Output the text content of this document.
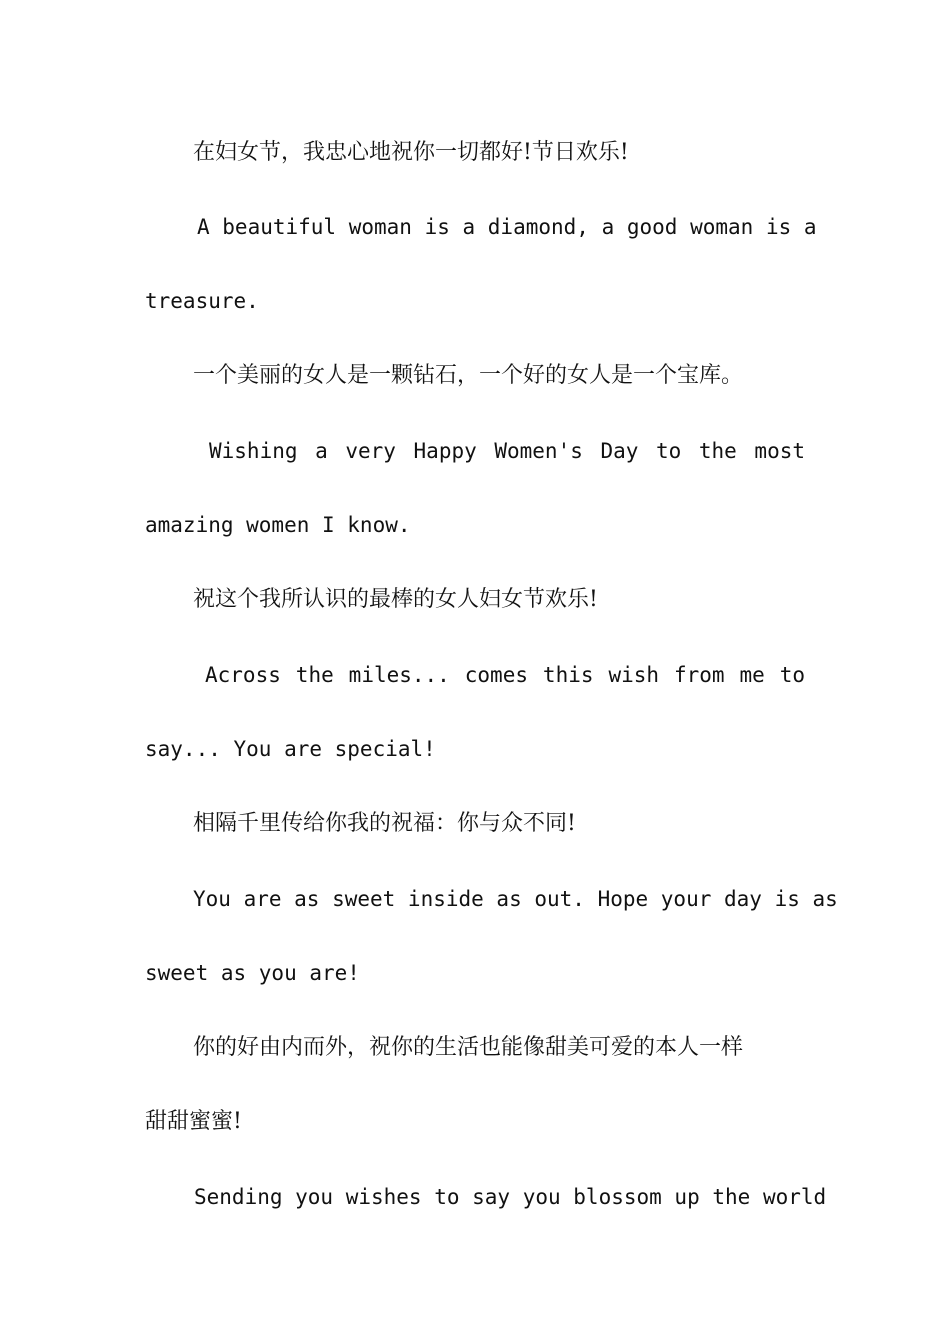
在妇女节，我忠心地祝你一切都好!节日欢乐!
A beautiful woman is a diamond, a good woman is a
treasure.
一个美丽的女人是一颗钻石，一个好的女人是一个宝库。
Wishing a very Happy Women's Day to the most
amazing women I know.
祝这个我所认识的最棒的女人妇女节欢乐!
Across the miles... comes this wish from me to
say... You are special!
相隔千里传给你我的祝福：你与众不同!
You are as sweet inside as out. Hope your day is as
sweet as you are!
你的好由内而外，祝你的生活也能像甜美可爱的本人一样
甜甜蜜蜜!
Sending you wishes to say you blossom up the world
